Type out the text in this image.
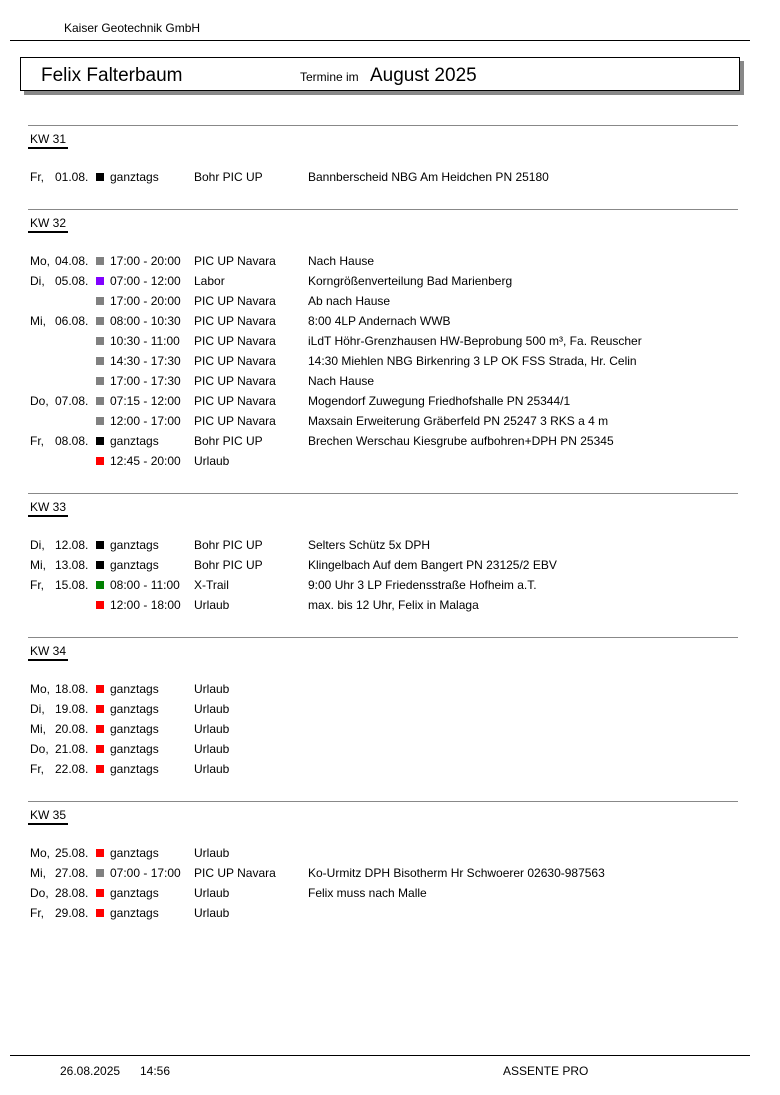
Kaiser Geotechnik GmbH
Felix Falterbaum	Termine im August 2025
KW 31
Fr, 01.08. ganztags	Bohr PIC UP	Bannberscheid NBG Am Heidchen PN 25180
KW 32
Mo, 04.08. 17:00 - 20:00 PIC UP Navara	Nach Hause
Di, 05.08. 07:00 - 12:00 Labor	Korngrößenverteilung Bad Marienberg
17:00 - 20:00 PIC UP Navara	Ab nach Hause
Mi, 06.08. 08:00 - 10:30 PIC UP Navara	8:00 4LP Andernach WWB
10:30 - 11:00 PIC UP Navara	iLdT Höhr-Grenzhausen HW-Beprobung 500 m³, Fa. Reuscher
14:30 - 17:30 PIC UP Navara	14:30 Miehlen NBG Birkenring 3 LP OK FSS Strada, Hr. Celin
17:00 - 17:30 PIC UP Navara	Nach Hause
Do, 07.08. 07:15 - 12:00 PIC UP Navara	Mogendorf Zuwegung Friedhofshalle PN 25344/1
12:00 - 17:00 PIC UP Navara	Maxsain Erweiterung Gräberfeld PN 25247 3 RKS a 4 m
Fr, 08.08. ganztags	Bohr PIC UP	Brechen Werschau Kiesgrube aufbohren+DPH PN 25345
12:45 - 20:00 Urlaub
KW 33
Di, 12.08. ganztags	Bohr PIC UP	Selters Schütz 5x DPH
Mi, 13.08. ganztags	Bohr PIC UP	Klingelbach Auf dem Bangert PN 23125/2 EBV
Fr, 15.08. 08:00 - 11:00 X-Trail	9:00 Uhr 3 LP Friedensstraße Hofheim a.T.
12:00 - 18:00 Urlaub	max. bis 12 Uhr, Felix in Malaga
KW 34
Mo, 18.08. ganztags	Urlaub
Di, 19.08. ganztags	Urlaub
Mi, 20.08. ganztags	Urlaub
Do, 21.08. ganztags	Urlaub
Fr, 22.08. ganztags	Urlaub
KW 35
Mo, 25.08. ganztags	Urlaub
Mi, 27.08. 07:00 - 17:00 PIC UP Navara	Ko-Urmitz DPH Bisotherm Hr Schwoerer 02630-987563
Do, 28.08. ganztags	Urlaub	Felix muss nach Malle
Fr, 29.08. ganztags	Urlaub
26.08.2025 14:56	ASSENTE PRO
